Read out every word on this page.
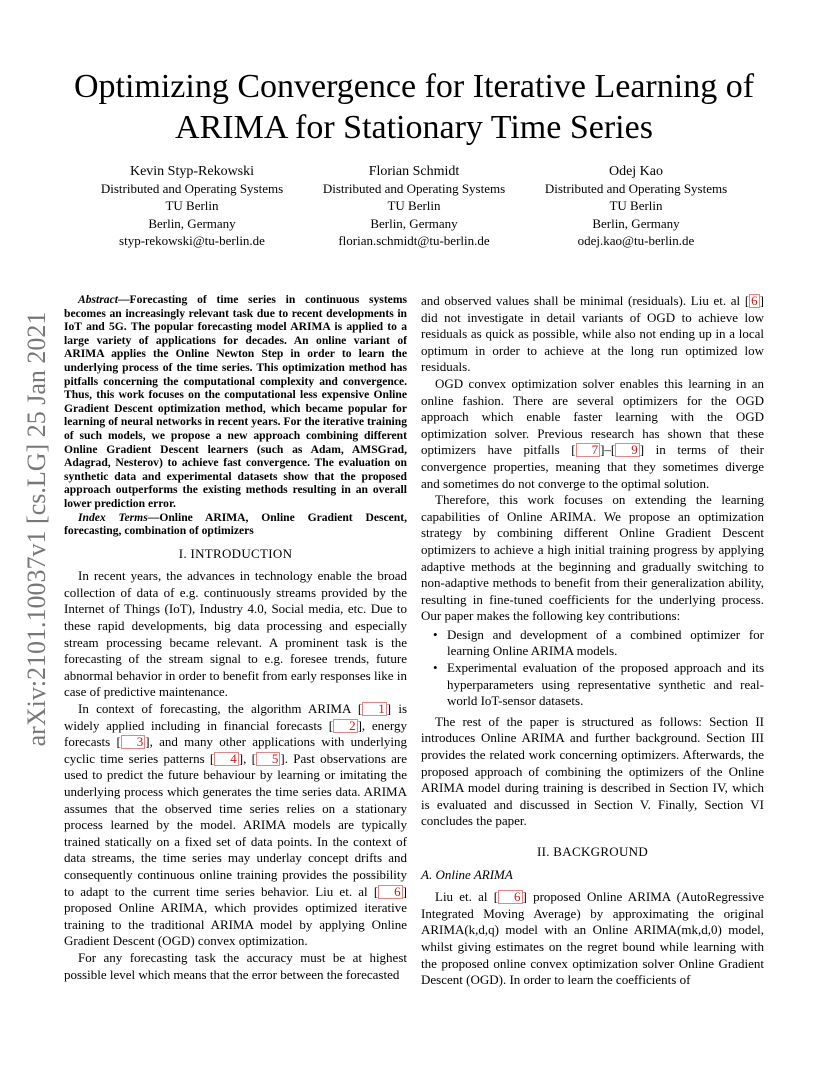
Optimizing Convergence for Iterative Learning of
ARIMA for Stationary Time Series
Kevin Styp-Rekowski
Distributed and Operating Systems
TU Berlin
Berlin, Germany
styp-rekowski@tu-berlin.de
Florian Schmidt
Distributed and Operating Systems
TU Berlin
Berlin, Germany
florian.schmidt@tu-berlin.de
Odej Kao
Distributed and Operating Systems
TU Berlin
Berlin, Germany
odej.kao@tu-berlin.de
arXiv:2101.10037v1 [cs.LG] 25 Jan 2021

Abstract—Forecasting of time series in continuous systems becomes an increasingly relevant task due to recent developments in IoT and 5G. The popular forecasting model ARIMA is applied to a large variety of applications for decades. An online variant of ARIMA applies the Online Newton Step in order to learn the underlying process of the time series. This optimization method has pitfalls concerning the computational complexity and convergence. Thus, this work focuses on the computational less expensive Online Gradient Descent optimization method, which became popular for learning of neural networks in recent years. For the iterative training of such models, we propose a new approach combining different Online Gradient Descent learners (such as Adam, AMSGrad, Adagrad, Nesterov) to achieve fast convergence. The evaluation on synthetic data and experimental datasets show that the proposed approach outperforms the existing methods resulting in an overall lower prediction error.

Index Terms—Online ARIMA, Online Gradient Descent, forecasting, combination of optimizers

I. INTRODUCTION

In recent years, the advances in technology enable the broad collection of data of e.g. continuously streams provided by the Internet of Things (IoT), Industry 4.0, Social media, etc. Due to these rapid developments, big data processing and especially stream processing became relevant. A prominent task is the forecasting of the stream signal to e.g. foresee trends, future abnormal behavior in order to benefit from early responses like in case of predictive maintenance.

In context of forecasting, the algorithm ARIMA [ 1 ] is widely applied including in financial forecasts [ 2 ], energy forecasts [ 3 ], and many other applications with underlying cyclic time series patterns [ 4 ], [ 5 ]. Past observations are used to predict the future behaviour by learning or imitating the underlying process which generates the time series data. ARIMA assumes that the observed time series relies on a stationary process learned by the model. ARIMA models are typically trained statically on a fixed set of data points. In the context of data streams, the time series may underlay concept drifts and consequently continuous online training provides the possibility to adapt to the current time series behavior. Liu et. al [ 6 ] proposed Online ARIMA, which provides optimized iterative training to the traditional ARIMA model by applying Online Gradient Descent (OGD) convex optimization.

For any forecasting task the accuracy must be at highest possible level which means that the error between the forecasted

and observed values shall be minimal (residuals). Liu et. al [ 6 ] did not investigate in detail variants of OGD to achieve low residuals as quick as possible, while also not ending up in a local optimum in order to achieve at the long run optimized low residuals.

OGD convex optimization solver enables this learning in an online fashion. There are several optimizers for the OGD approach which enable faster learning with the OGD optimization solver. Previous research has shown that these optimizers have pitfalls [ 7 ]–[ 9 ] in terms of their convergence properties, meaning that they sometimes diverge and sometimes do not converge to the optimal solution.

Therefore, this work focuses on extending the learning capabilities of Online ARIMA. We propose an optimization strategy by combining different Online Gradient Descent optimizers to achieve a high initial training progress by applying adaptive methods at the beginning and gradually switching to non-adaptive methods to benefit from their generalization ability, resulting in fine-tuned coefficients for the underlying process. Our paper makes the following key contributions:

• Design and development of a combined optimizer for learning Online ARIMA models.
• Experimental evaluation of the proposed approach and its hyperparameters using representative synthetic and real-world IoT-sensor datasets.

The rest of the paper is structured as follows: Section II introduces Online ARIMA and further background. Section III provides the related work concerning optimizers. Afterwards, the proposed approach of combining the optimizers of the Online ARIMA model during training is described in Section IV, which is evaluated and discussed in Section V. Finally, Section VI concludes the paper.

II. BACKGROUND
A. Online ARIMA

Liu et. al [ 6 ] proposed Online ARIMA (AutoRegressive Integrated Moving Average) by approximating the original ARIMA(k,d,q) model with an Online ARIMA(mk,d,0) model, whilst giving estimates on the regret bound while learning with the proposed online convex optimization solver Online Gradient Descent (OGD). In order to learn the coefficients of
